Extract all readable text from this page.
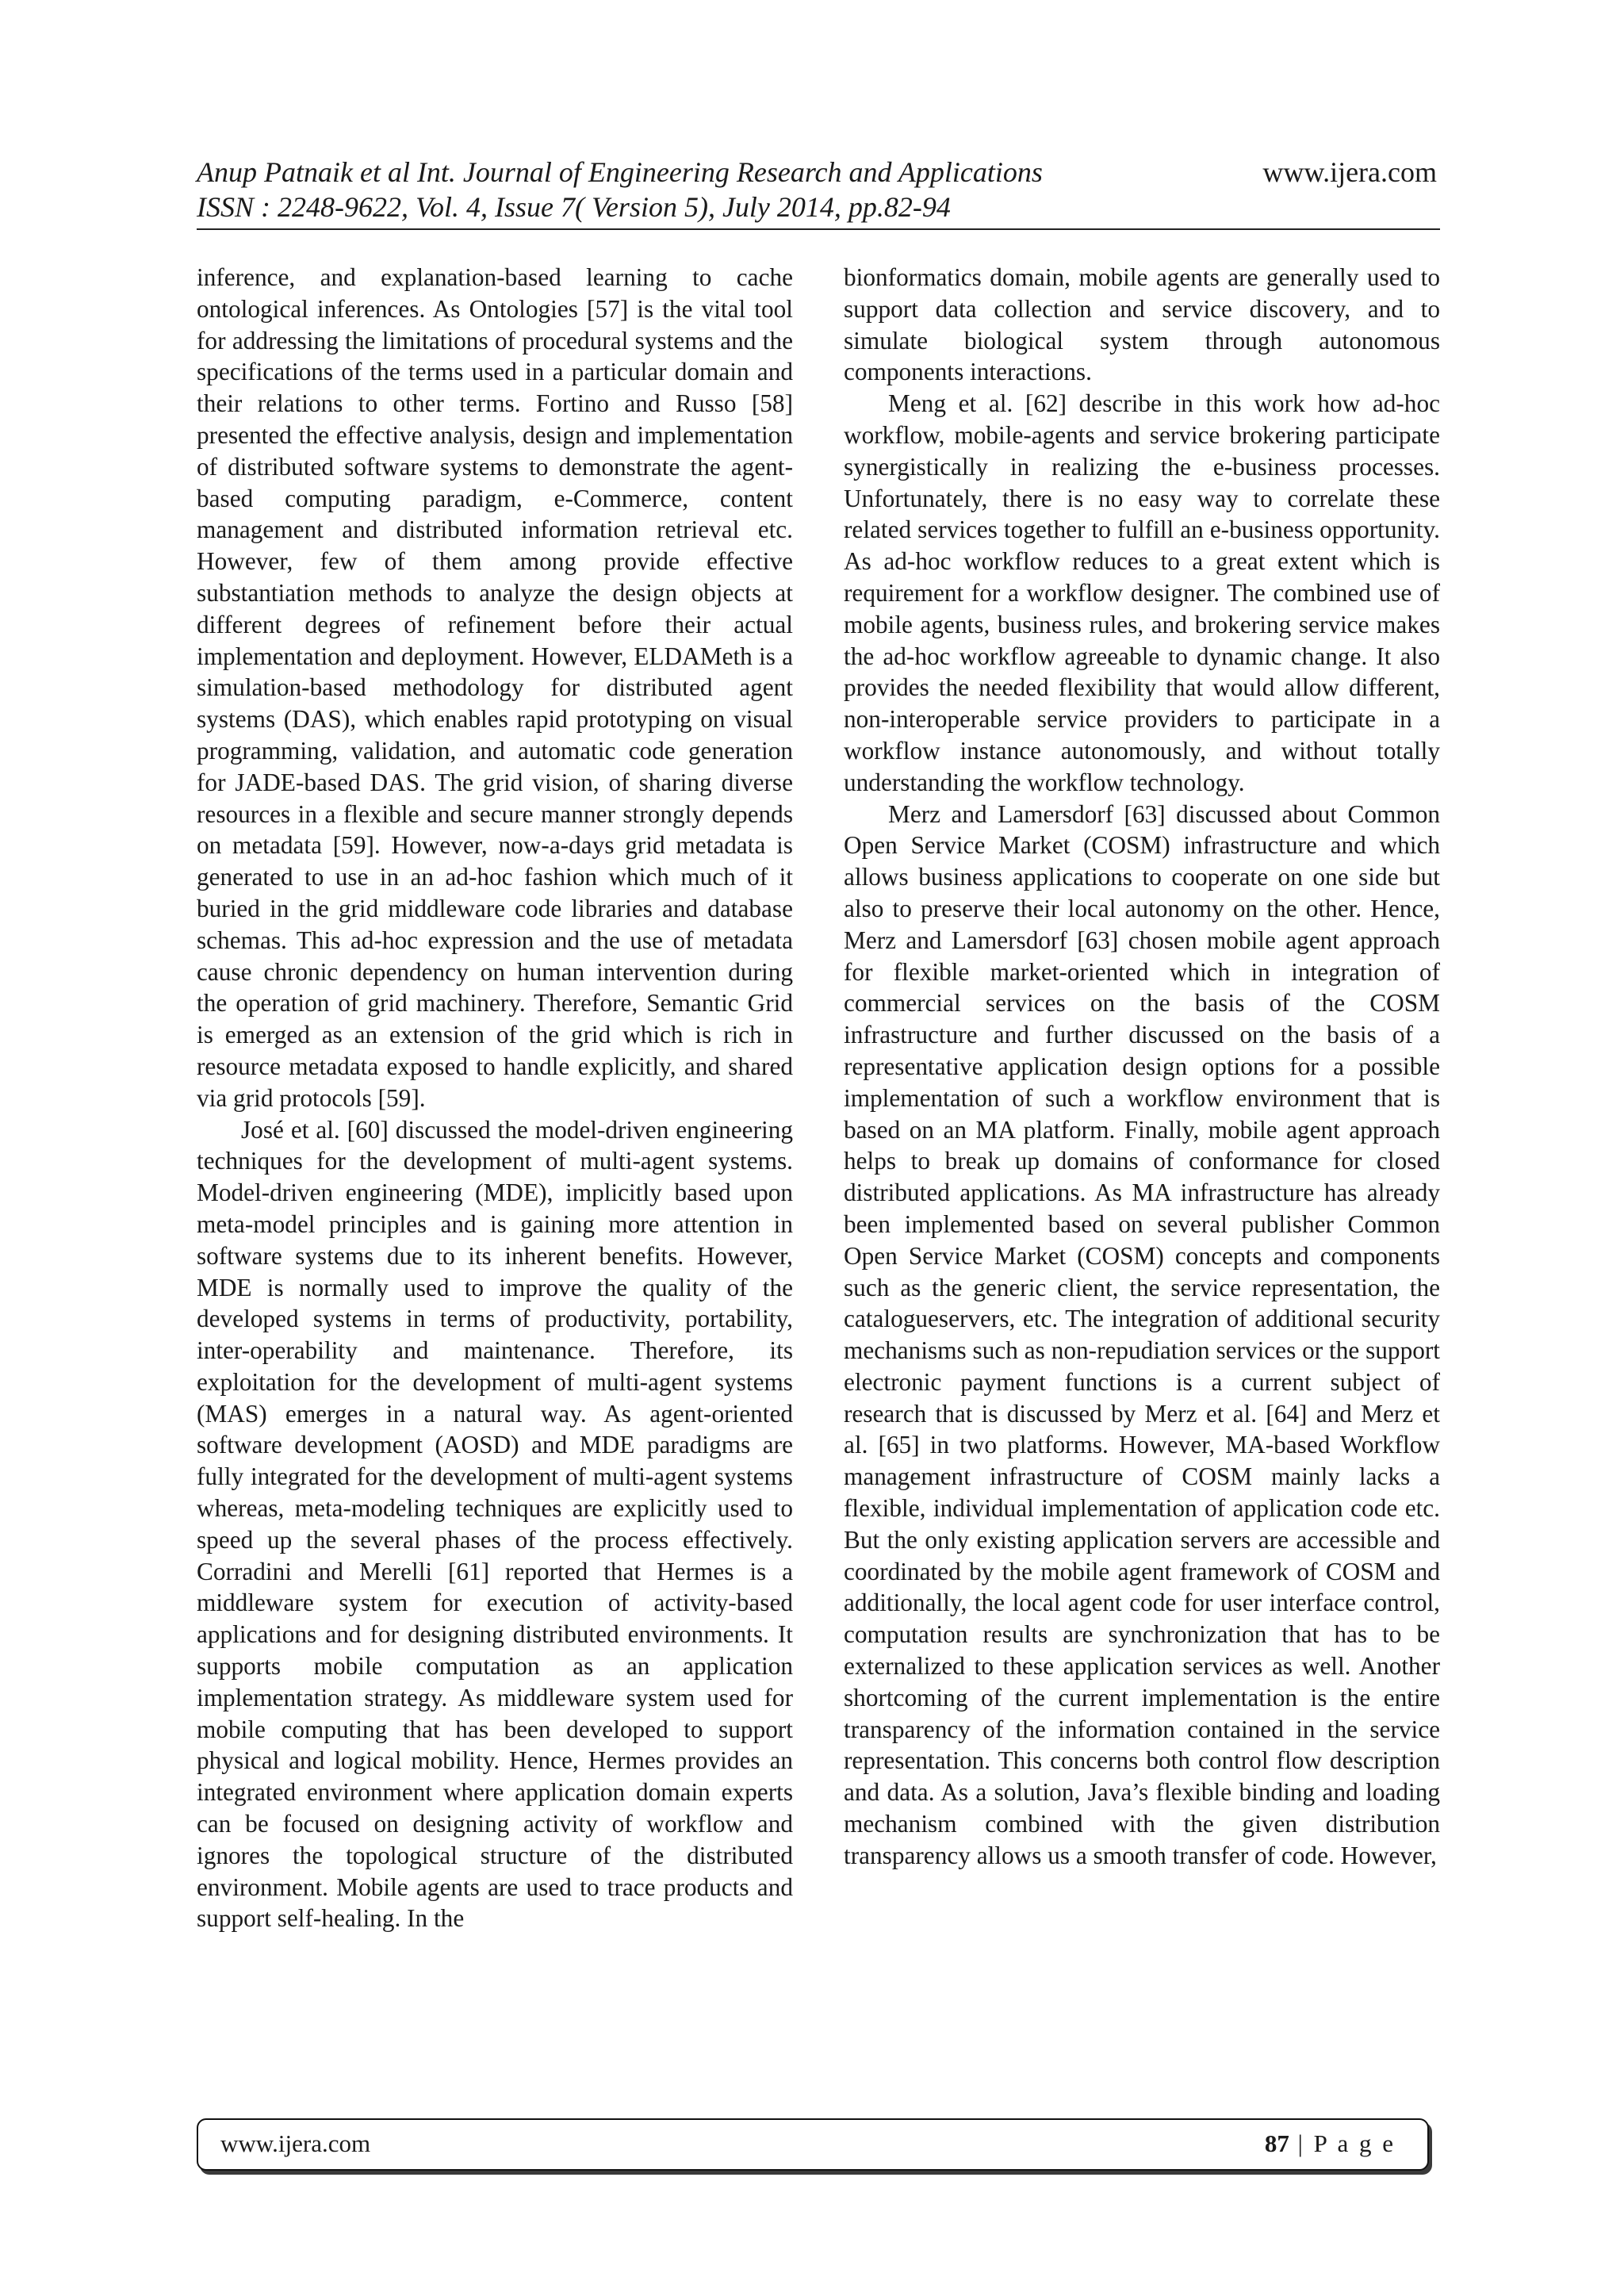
Anup Patnaik et al Int. Journal of Engineering Research and Applications
ISSN : 2248-9622, Vol. 4, Issue 7( Version 5), July 2014, pp.82-94
www.ijera.com

inference, and explanation-based learning to cache ontological inferences. As Ontologies [57] is the vital tool for addressing the limitations of procedural systems and the specifications of the terms used in a particular domain and their relations to other terms. Fortino and Russo [58] presented the effective analysis, design and implementation of distributed software systems to demonstrate the agent-based computing paradigm, e-Commerce, content management and distributed information retrieval etc. However, few of them among provide effective substantiation methods to analyze the design objects at different degrees of refinement before their actual implementation and deployment. However, ELDAMeth is a simulation-based methodology for distributed agent systems (DAS), which enables rapid prototyping on visual programming, validation, and automatic code generation for JADE-based DAS. The grid vision, of sharing diverse resources in a flexible and secure manner strongly depends on metadata [59]. However, now-a-days grid metadata is generated to use in an ad-hoc fashion which much of it buried in the grid middleware code libraries and database schemas. This ad-hoc expression and the use of metadata cause chronic dependency on human intervention during the operation of grid machinery. Therefore, Semantic Grid is emerged as an extension of the grid which is rich in resource metadata exposed to handle explicitly, and shared via grid protocols [59].

José et al. [60] discussed the model-driven engineering techniques for the development of multi-agent systems. Model-driven engineering (MDE), implicitly based upon meta-model principles and is gaining more attention in software systems due to its inherent benefits. However, MDE is normally used to improve the quality of the developed systems in terms of productivity, portability, inter-operability and maintenance. Therefore, its exploitation for the development of multi-agent systems (MAS) emerges in a natural way. As agent-oriented software development (AOSD) and MDE paradigms are fully integrated for the development of multi-agent systems whereas, meta-modeling techniques are explicitly used to speed up the several phases of the process effectively. Corradini and Merelli [61] reported that Hermes is a middleware system for execution of activity-based applications and for designing distributed environments. It supports mobile computation as an application implementation strategy. As middleware system used for mobile computing that has been developed to support physical and logical mobility. Hence, Hermes provides an integrated environment where application domain experts can be focused on designing activity of workflow and ignores the topological structure of the distributed environment. Mobile agents are used to trace products and support self-healing. In the

bionformatics domain, mobile agents are generally used to support data collection and service discovery, and to simulate biological system through autonomous components interactions.

Meng et al. [62] describe in this work how ad-hoc workflow, mobile-agents and service brokering participate synergistically in realizing the e-business processes. Unfortunately, there is no easy way to correlate these related services together to fulfill an e-business opportunity. As ad-hoc workflow reduces to a great extent which is requirement for a workflow designer. The combined use of mobile agents, business rules, and brokering service makes the ad-hoc workflow agreeable to dynamic change. It also provides the needed flexibility that would allow different, non-interoperable service providers to participate in a workflow instance autonomously, and without totally understanding the workflow technology.

Merz and Lamersdorf [63] discussed about Common Open Service Market (COSM) infrastructure and which allows business applications to cooperate on one side but also to preserve their local autonomy on the other. Hence, Merz and Lamersdorf [63] chosen mobile agent approach for flexible market-oriented which in integration of commercial services on the basis of the COSM infrastructure and further discussed on the basis of a representative application design options for a possible implementation of such a workflow environment that is based on an MA platform. Finally, mobile agent approach helps to break up domains of conformance for closed distributed applications. As MA infrastructure has already been implemented based on several publisher Common Open Service Market (COSM) concepts and components such as the generic client, the service representation, the catalogueservers, etc. The integration of additional security mechanisms such as non-repudiation services or the support electronic payment functions is a current subject of research that is discussed by Merz et al. [64] and Merz et al. [65] in two platforms. However, MA-based Workflow management infrastructure of COSM mainly lacks a flexible, individual implementation of application code etc. But the only existing application servers are accessible and coordinated by the mobile agent framework of COSM and additionally, the local agent code for user interface control, computation results are synchronization that has to be externalized to these application services as well. Another shortcoming of the current implementation is the entire transparency of the information contained in the service representation. This concerns both control flow description and data. As a solution, Java’s flexible binding and loading mechanism combined with the given distribution transparency allows us a smooth transfer of code. However,

www.ijera.com	87 | P a g e
